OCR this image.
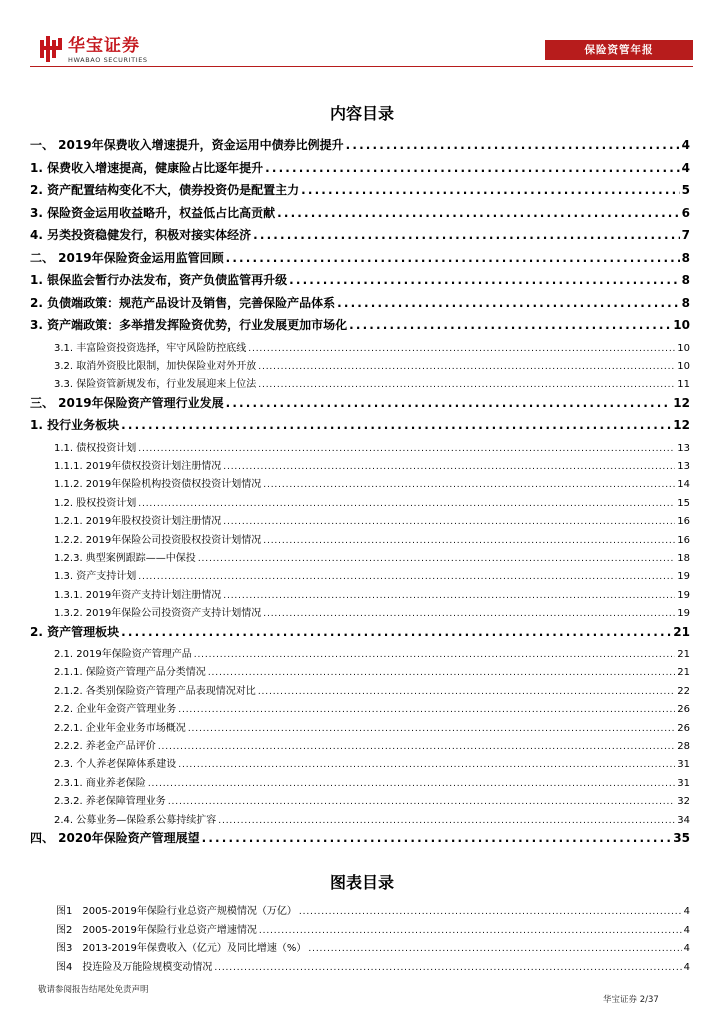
华宝证券
HWABAO SECURITIES
保险资管年报
内容目录
一、 2019年保费收入增速提升，资金运用中债券比例提升 . . .	4
1. 保费收入增速提高，健康险占比逐年提升 . . .	4
2. 资产配置结构变化不大，债券投资仍是配置主力 . . .	5
3. 保险资金运用收益略升，权益低占比高贡献 . . .	6
4. 另类投资稳健发行，积极对接实体经济 . . .	7
二、 2019年保险资金运用监管回顾 . . .	8
1. 银保监会暂行办法发布，资产负债监管再升级 . . .	8
2. 负债端政策：规范产品设计及销售，完善保险产品体系 . . .	8
3. 资产端政策：多举措发挥险资优势，行业发展更加市场化 . . .	10
3.1. 丰富险资投资选择，牢守风险防控底线 . . .	10
3.2. 取消外资股比限制，加快保险业对外开放 . . .	10
3.3. 保险资管新规发布，行业发展迎来上位法 . . .	11
三、 2019年保险资产管理行业发展 . . .	12
1. 投行业务板块 . . .	12
1.1. 债权投资计划 . . .	13
1.1.1. 2019年债权投资计划注册情况 . . .	13
1.1.2. 2019年保险机构投资债权投资计划情况 . . .	14
1.2. 股权投资计划 . . .	15
1.2.1. 2019年股权投资计划注册情况 . . .	16
1.2.2. 2019年保险公司投资股权投资计划情况 . . .	16
1.2.3. 典型案例跟踪——中保投 . . .	18
1.3. 资产支持计划 . . .	19
1.3.1. 2019年资产支持计划注册情况 . . .	19
1.3.2. 2019年保险公司投资资产支持计划情况 . . .	19
2. 资产管理板块 . . .	21
2.1. 2019年保险资产管理产品 . . .	21
2.1.1. 保险资产管理产品分类情况 . . .	21
2.1.2. 各类别保险资产管理产品表现情况对比 . . .	22
2.2. 企业年金资产管理业务 . . .	26
2.2.1. 企业年金业务市场概况 . . .	26
2.2.2. 养老金产品评价 . . .	28
2.3. 个人养老保障体系建设 . . .	31
2.3.1. 商业养老保险 . . .	31
2.3.2. 养老保障管理业务 . . .	32
2.4. 公募业务—保险系公募持续扩容 . . .	34
四、 2020年保险资产管理展望 . . .	35
图表目录
图1　2005-2019年保险行业总资产规模情况（万亿） . . .	4
图2　2005-2019年保险行业总资产增速情况 . . .	4
图3　2013-2019年保费收入（亿元）及同比增速（%） . . .	4
图4　投连险及万能险规模变动情况 . . .	4
敬请参阅报告结尾处免责声明
华宝证券 2/37
